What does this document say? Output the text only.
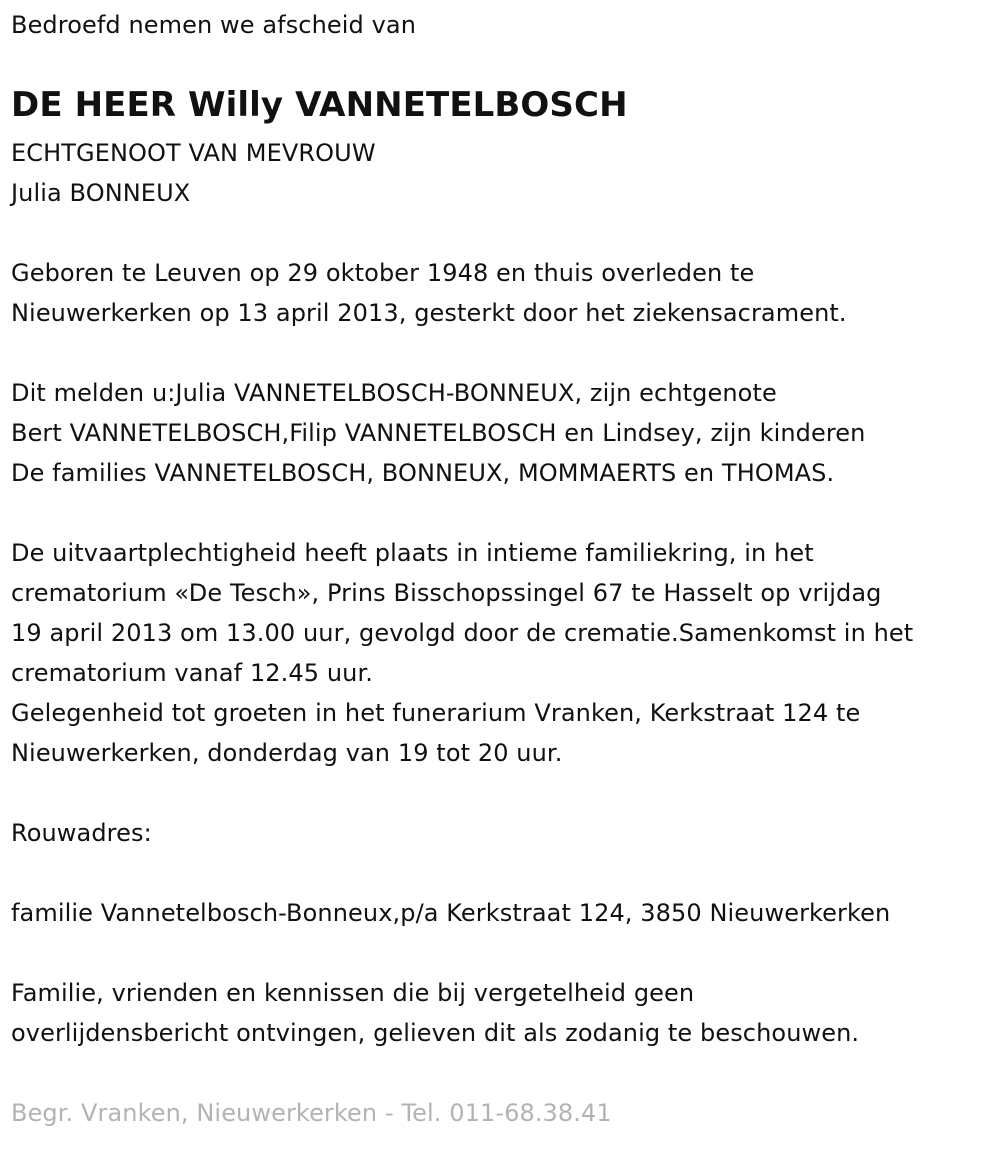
Bedroefd nemen we afscheid van
DE HEER Willy VANNETELBOSCH
ECHTGENOOT VAN MEVROUW
Julia BONNEUX
Geboren te Leuven op 29 oktober 1948 en thuis overleden te
Nieuwerkerken op 13 april 2013, gesterkt door het ziekensacrament.
Dit melden u:Julia VANNETELBOSCH-BONNEUX, zijn echtgenote
Bert VANNETELBOSCH,Filip VANNETELBOSCH en Lindsey, zijn kinderen
De families VANNETELBOSCH, BONNEUX, MOMMAERTS en THOMAS.
De uitvaartplechtigheid heeft plaats in intieme familiekring, in het
crematorium «De Tesch», Prins Bisschopssingel 67 te Hasselt op vrijdag
19 april 2013 om 13.00 uur, gevolgd door de crematie.Samenkomst in het
crematorium vanaf 12.45 uur.
Gelegenheid tot groeten in het funerarium Vranken, Kerkstraat 124 te
Nieuwerkerken, donderdag van 19 tot 20 uur.
Rouwadres:
familie Vannetelbosch-Bonneux,p/a Kerkstraat 124, 3850 Nieuwerkerken
Familie, vrienden en kennissen die bij vergetelheid geen
overlijdensbericht ontvingen, gelieven dit als zodanig te beschouwen.
Begr. Vranken, Nieuwerkerken - Tel. 011-68.38.41
